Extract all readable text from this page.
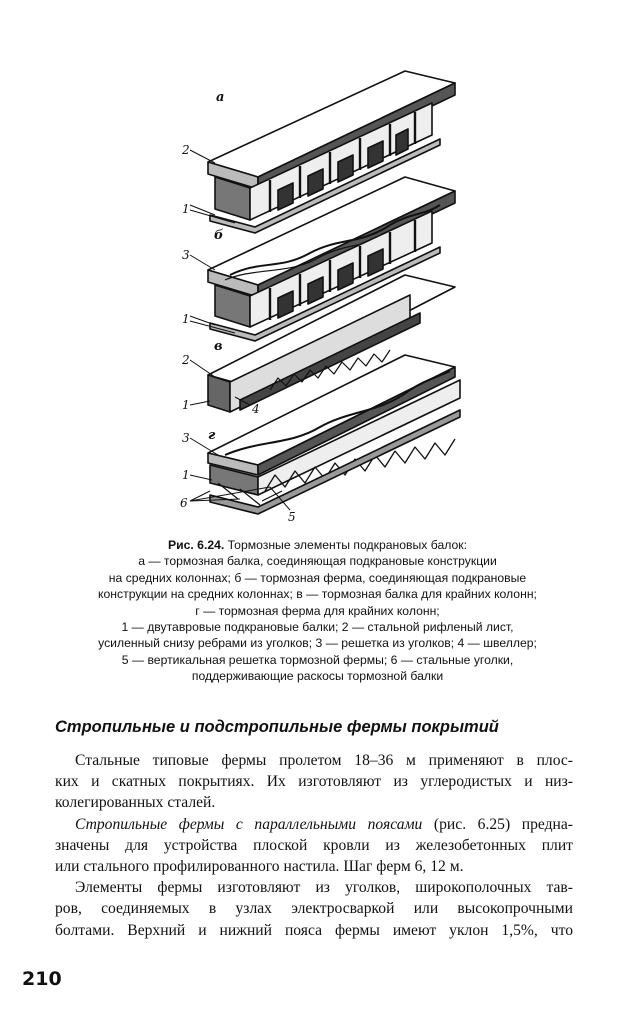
а
б
в
г
2
1
3
1
2
1	4
3
1
6
5
Рис. 6.24. Тормозные элементы подкрановых балок:
а — тормозная балка, соединяющая подкрановые конструкции
на средних колоннах; б — тормозная ферма, соединяющая подкрановые
конструкции на средних колоннах; в — тормозная балка для крайних колонн;
г — тормозная ферма для крайних колонн;
1 — двутавровые подкрановые балки; 2 — стальной рифленый лист,
усиленный снизу ребрами из уголков; 3 — решетка из уголков; 4 — швеллер;
5 — вертикальная решетка тормозной фермы; 6 — стальные уголки,
поддерживающие раскосы тормозной балки
Стропильные и подстропильные фермы покрытий
Стальные типовые фермы пролетом 18–36 м применяют в плос-
ких и скатных покрытиях. Их изготовляют из углеродистых и низ-
колегированных сталей.
Стропильные фермы с параллельными поясами (рис. 6.25) предна-
значены для устройства плоской кровли из железобетонных плит
или стального профилированного настила. Шаг ферм 6, 12 м.
Элементы фермы изготовляют из уголков, широкополочных тав-
ров, соединяемых в узлах электросваркой или высокопрочными
болтами. Верхний и нижний пояса фермы имеют уклон 1,5%, что
210
